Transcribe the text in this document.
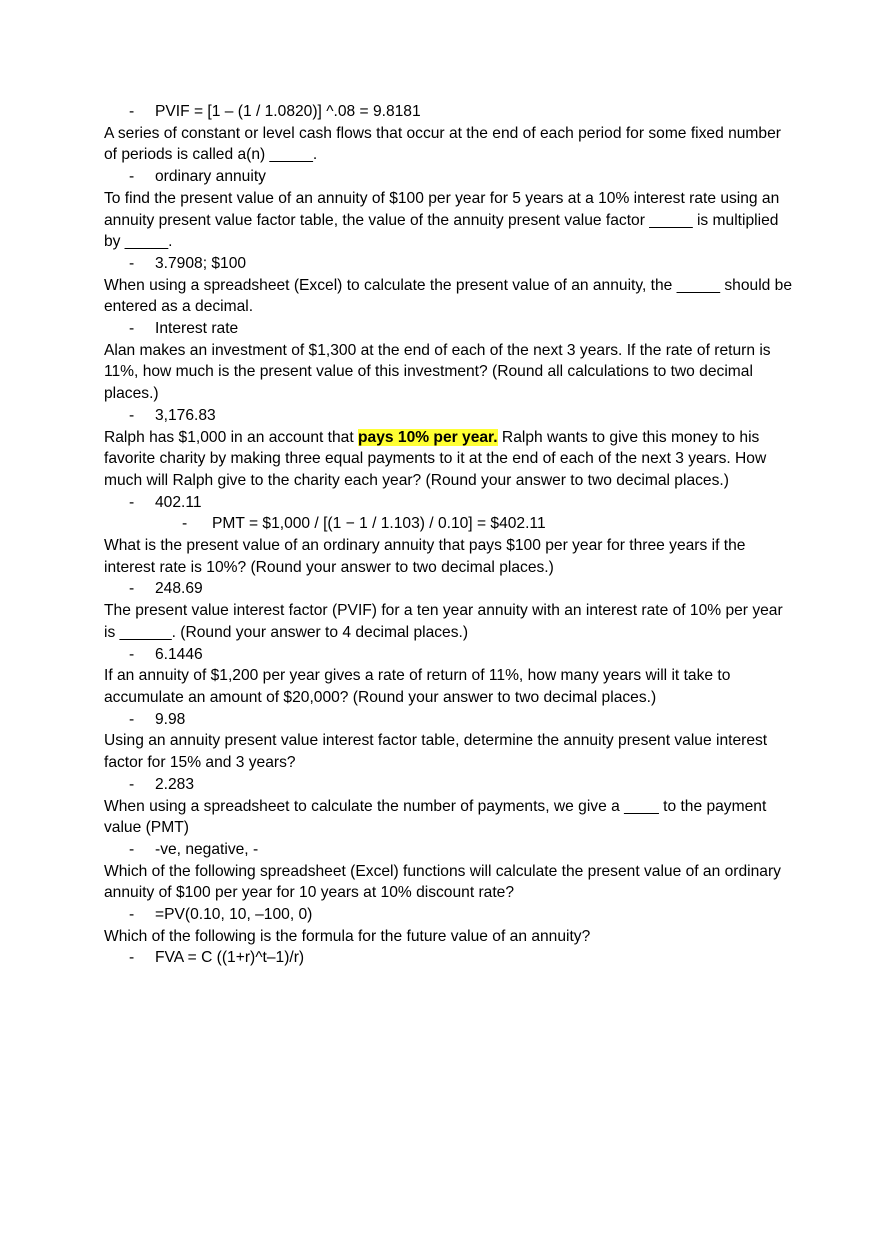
- PVIF = [1 – (1 / 1.0820)] ^.08 = 9.8181

A series of constant or level cash flows that occur at the end of each period for some fixed number of periods is called a(n) _____.

- ordinary annuity

To find the present value of an annuity of $100 per year for 5 years at a 10% interest rate using an annuity present value factor table, the value of the annuity present value factor _____ is multiplied by _____.

- 3.7908; $100

When using a spreadsheet (Excel) to calculate the present value of an annuity, the _____ should be entered as a decimal.

- Interest rate

Alan makes an investment of $1,300 at the end of each of the next 3 years. If the rate of return is 11%, how much is the present value of this investment? (Round all calculations to two decimal places.)

- 3,176.83

Ralph has $1,000 in an account that pays 10% per year. Ralph wants to give this money to his favorite charity by making three equal payments to it at the end of each of the next 3 years. How much will Ralph give to the charity each year? (Round your answer to two decimal places.)

- 402.11

- PMT = $1,000 / [(1 − 1 / 1.103) / 0.10] = $402.11

What is the present value of an ordinary annuity that pays $100 per year for three years if the interest rate is 10%? (Round your answer to two decimal places.)

- 248.69

The present value interest factor (PVIF) for a ten year annuity with an interest rate of 10% per year is ______. (Round your answer to 4 decimal places.)

- 6.1446

If an annuity of $1,200 per year gives a rate of return of 11%, how many years will it take to accumulate an amount of $20,000? (Round your answer to two decimal places.)

- 9.98

Using an annuity present value interest factor table, determine the annuity present value interest factor for 15% and 3 years?

- 2.283

When using a spreadsheet to calculate the number of payments, we give a ____ to the payment value (PMT)

- -ve, negative, -

Which of the following spreadsheet (Excel) functions will calculate the present value of an ordinary annuity of $100 per year for 10 years at 10% discount rate?

- =PV(0.10, 10, –100, 0)

Which of the following is the formula for the future value of an annuity?

- FVA = C ((1+r)^t–1)/r)
